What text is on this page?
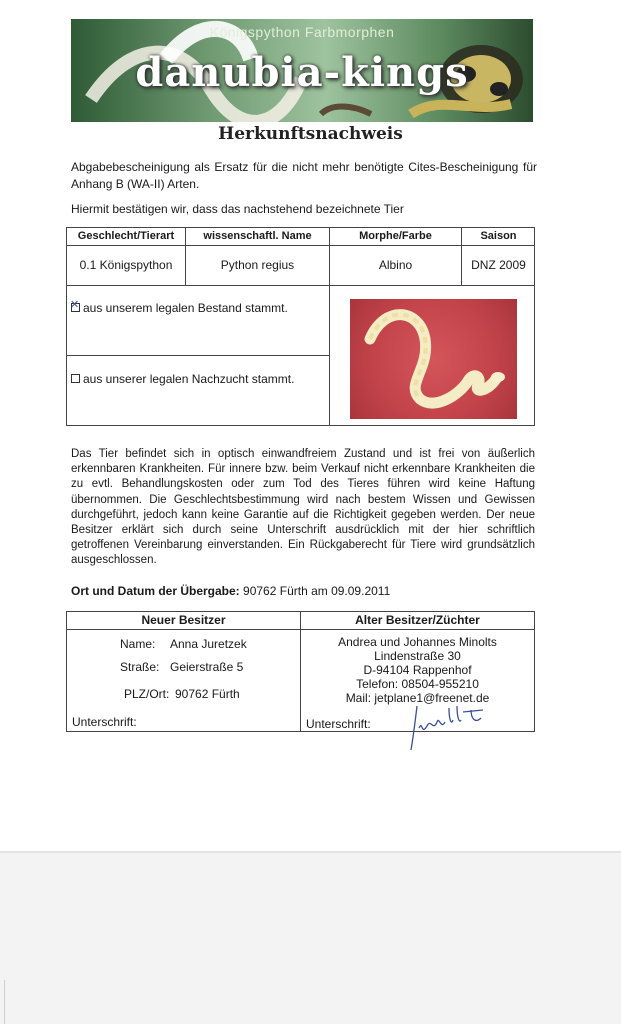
Königspython Farbmorphen
danubia-kings
Herkunftsnachweis
Abgabebescheinigung als Ersatz für die nicht mehr benötigte Cites-Bescheinigung für Anhang B (WA-II) Arten.
Hiermit bestätigen wir, dass das nachstehend bezeichnete Tier
Geschlecht/Tierart	wissenschaftl. Name	Morphe/Farbe	Saison
0.1 Königspython	Python regius	Albino	DNZ 2009
✕aus unserem legalen Bestand stammt.
aus unserer legalen Nachzucht stammt.
Das Tier befindet sich in optisch einwandfreiem Zustand und ist frei von äußerlich erkennbaren Krankheiten. Für innere bzw. beim Verkauf nicht erkennbare Krankheiten die zu evtl. Behandlungskosten oder zum Tod des Tieres führen wird keine Haftung übernommen. Die Geschlechtsbestimmung wird nach bestem Wissen und Gewissen durchgeführt, jedoch kann keine Garantie auf die Richtigkeit gegeben werden. Der neue Besitzer erklärt sich durch seine Unterschrift ausdrücklich mit der hier schriftlich getroffenen Vereinbarung einverstanden. Ein Rückgaberecht für Tiere wird grundsätzlich ausgeschlossen.
Ort und Datum der Übergabe: 90762 Fürth am 09.09.2011
Neuer Besitzer	Alter Besitzer/Züchter
Name: Anna Juretzek
Straße: Geierstraße 5
PLZ/Ort: 90762 Fürth
Unterschrift:
Andrea und Johannes Minolts
Lindenstraße 30
D-94104 Rappenhof
Telefon: 08504-955210
Mail: jetplane1@freenet.de
Unterschrift:
